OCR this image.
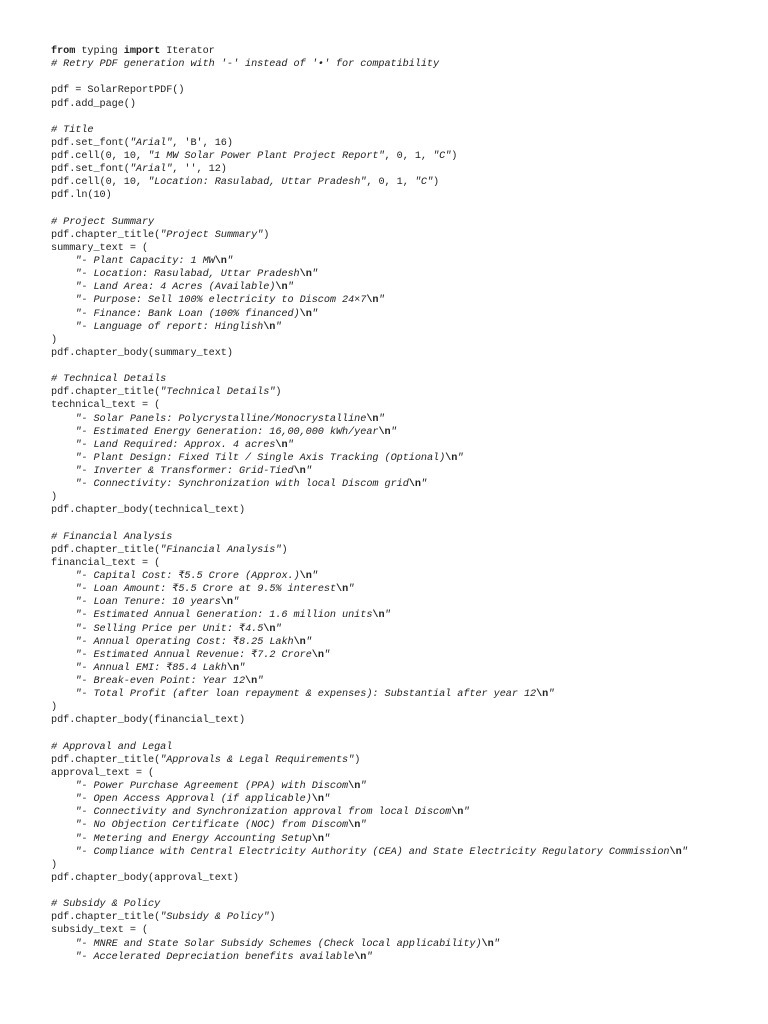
from typing import Iterator
# Retry PDF generation with '-' instead of '•' for compatibility
pdf = SolarReportPDF()
pdf.add_page()
# Title
pdf.set_font("Arial", 'B', 16)
pdf.cell(0, 10, "1 MW Solar Power Plant Project Report", 0, 1, "C")
pdf.set_font("Arial", '', 12)
pdf.cell(0, 10, "Location: Rasulabad, Uttar Pradesh", 0, 1, "C")
pdf.ln(10)
# Project Summary
pdf.chapter_title("Project Summary")
summary_text = (
"- Plant Capacity: 1 MW\n"
"- Location: Rasulabad, Uttar Pradesh\n"
"- Land Area: 4 Acres (Available)\n"
"- Purpose: Sell 100% electricity to Discom 24×7\n"
"- Finance: Bank Loan (100% financed)\n"
"- Language of report: Hinglish\n"
)
pdf.chapter_body(summary_text)
# Technical Details
pdf.chapter_title("Technical Details")
technical_text = (
"- Solar Panels: Polycrystalline/Monocrystalline\n"
"- Estimated Energy Generation: 16,00,000 kWh/year\n"
"- Land Required: Approx. 4 acres\n"
"- Plant Design: Fixed Tilt / Single Axis Tracking (Optional)\n"
"- Inverter & Transformer: Grid-Tied\n"
"- Connectivity: Synchronization with local Discom grid\n"
)
pdf.chapter_body(technical_text)
# Financial Analysis
pdf.chapter_title("Financial Analysis")
financial_text = (
"- Capital Cost: ₹5.5 Crore (Approx.)\n"
"- Loan Amount: ₹5.5 Crore at 9.5% interest\n"
"- Loan Tenure: 10 years\n"
"- Estimated Annual Generation: 1.6 million units\n"
"- Selling Price per Unit: ₹4.5\n"
"- Annual Operating Cost: ₹8.25 Lakh\n"
"- Estimated Annual Revenue: ₹7.2 Crore\n"
"- Annual EMI: ₹85.4 Lakh\n"
"- Break-even Point: Year 12\n"
"- Total Profit (after loan repayment & expenses): Substantial after year 12\n"
)
pdf.chapter_body(financial_text)
# Approval and Legal
pdf.chapter_title("Approvals & Legal Requirements")
approval_text = (
"- Power Purchase Agreement (PPA) with Discom\n"
"- Open Access Approval (if applicable)\n"
"- Connectivity and Synchronization approval from local Discom\n"
"- No Objection Certificate (NOC) from Discom\n"
"- Metering and Energy Accounting Setup\n"
"- Compliance with Central Electricity Authority (CEA) and State Electricity Regulatory Commission\n"
)
pdf.chapter_body(approval_text)
# Subsidy & Policy
pdf.chapter_title("Subsidy & Policy")
subsidy_text = (
"- MNRE and State Solar Subsidy Schemes (Check local applicability)\n"
"- Accelerated Depreciation benefits available\n"
